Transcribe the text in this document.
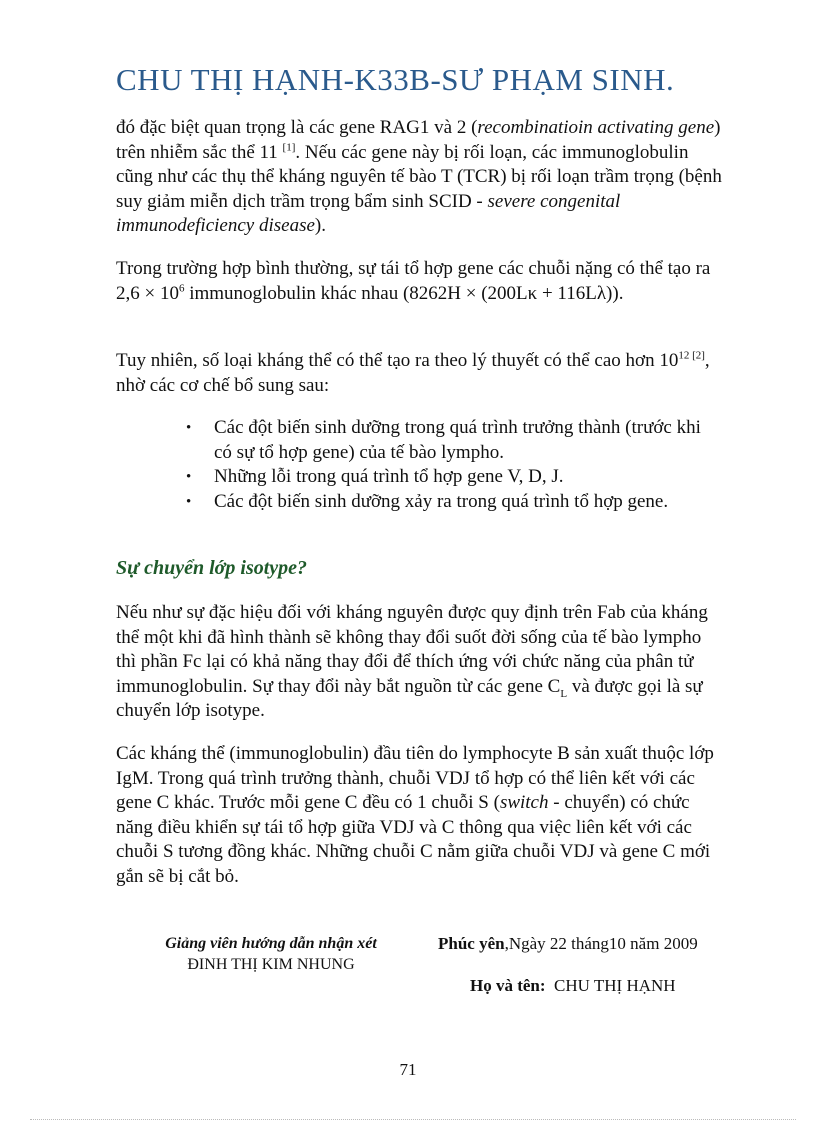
CHU THỊ HẠNH-K33B-SƯ PHẠM SINH.
đó đặc biệt quan trọng là các gene RAG1 và 2 (recombinatioin activating gene) trên nhiễm sắc thể 11 [1]. Nếu các gene này bị rối loạn, các immunoglobulin cũng như các thụ thể kháng nguyên tế bào T (TCR) bị rối loạn trầm trọng (bệnh suy giảm miễn dịch trầm trọng bẩm sinh SCID - severe congenital immunodeficiency disease).
Trong trường hợp bình thường, sự tái tổ hợp gene các chuỗi nặng có thể tạo ra $2,6 \times 10^6$ immunoglobulin khác nhau (8262H × (200Lκ + 116Lλ)).
Tuy nhiên, số loại kháng thể có thể tạo ra theo lý thuyết có thể cao hơn $10^{12 [2]}$, nhờ các cơ chế bổ sung sau:
• Các đột biến sinh dưỡng trong quá trình trưởng thành (trước khi có sự tổ hợp gene) của tế bào lympho.
• Những lỗi trong quá trình tổ hợp gene V, D, J.
• Các đột biến sinh dưỡng xảy ra trong quá trình tổ hợp gene.
Sự chuyển lớp isotype?
Nếu như sự đặc hiệu đối với kháng nguyên được quy định trên Fab của kháng thể một khi đã hình thành sẽ không thay đổi suốt đời sống của tế bào lympho thì phần Fc lại có khả năng thay đổi để thích ứng với chức năng của phân tử immunoglobulin. Sự thay đổi này bắt nguồn từ các gene $C_L$ và được gọi là sự chuyển lớp isotype.
Các kháng thể (immunoglobulin) đầu tiên do lymphocyte B sản xuất thuộc lớp IgM. Trong quá trình trưởng thành, chuỗi VDJ tổ hợp có thể liên kết với các gene C khác. Trước mỗi gene C đều có 1 chuỗi S (switch - chuyển) có chức năng điều khiển sự tái tổ hợp giữa VDJ và C thông qua việc liên kết với các chuỗi S tương đồng khác. Những chuỗi C nằm giữa chuỗi VDJ và gene C mới gắn sẽ bị cắt bỏ.
Giảng viên hướng dẫn nhận xét
ĐINH THỊ KIM NHUNG
Phúc yên,Ngày 22 tháng10 năm 2009
Họ và tên: CHU THỊ HẠNH
71
